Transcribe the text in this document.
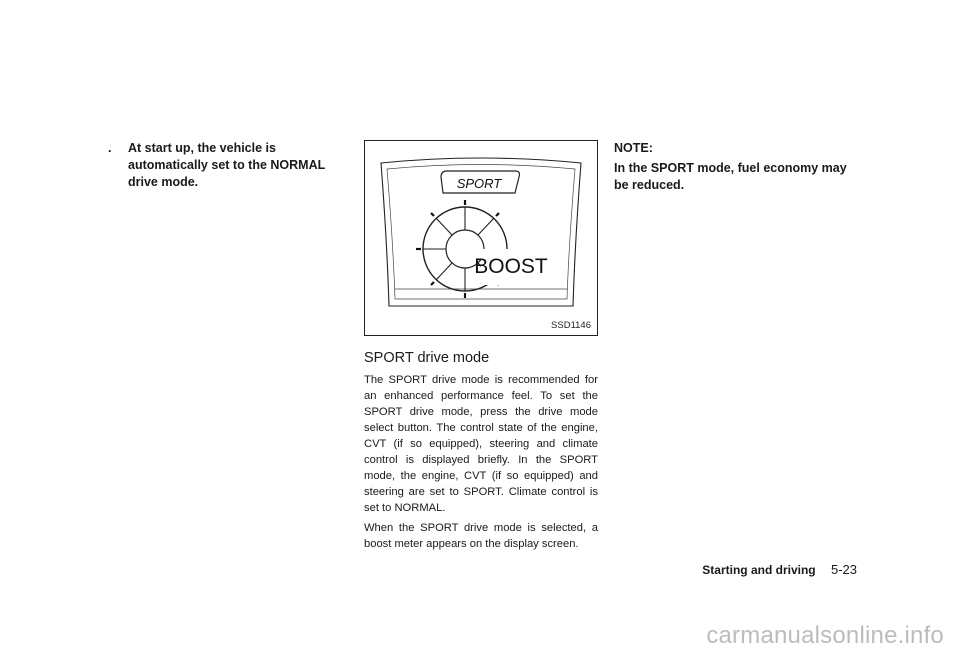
. At start up, the vehicle is automatically set to the NORMAL drive mode.	SPORT
BOOST
SSD1146
SPORT drive mode

The SPORT drive mode is recommended for an enhanced performance feel. To set the SPORT drive mode, press the drive mode select button. The control state of the engine, CVT (if so equipped), steering and climate control is displayed briefly. In the SPORT mode, the engine, CVT (if so equipped) and steering are set to SPORT. Climate control is set to NORMAL.

When the SPORT drive mode is selected, a boost meter appears on the display screen.

NOTE:

In the SPORT mode, fuel economy may be reduced.

Starting and driving 5-23
carmanualsonline.info
